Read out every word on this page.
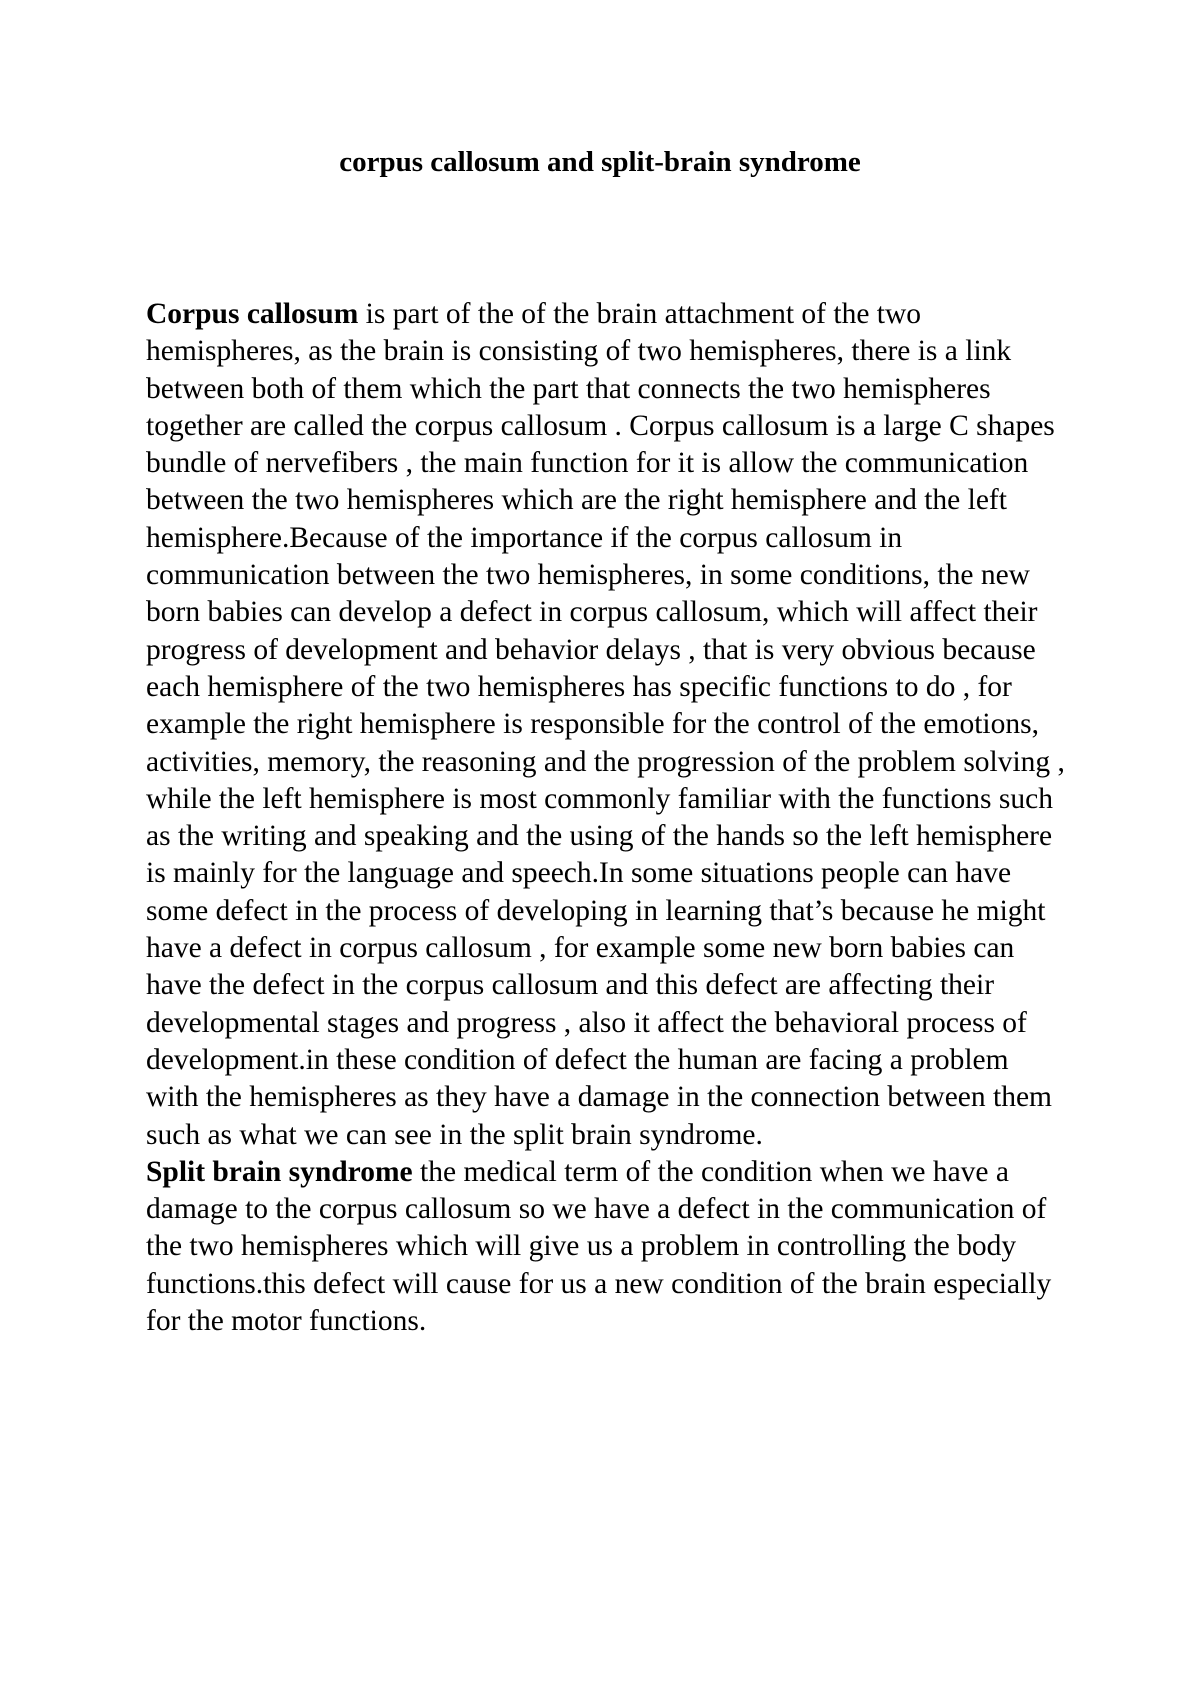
corpus callosum and split-brain syndrome

Corpus callosum is part of the of the brain attachment of the two hemispheres, as the brain is consisting of two hemispheres, there is a link between both of them which the part that connects the two hemispheres together are called the corpus callosum . Corpus callosum is a large C shapes bundle of nervefibers , the main function for it is allow the communication between the two hemispheres which are the right hemisphere and the left hemisphere.Because of the importance if the corpus callosum in communication between the two hemispheres, in some conditions, the new born babies can develop a defect in corpus callosum, which will affect their progress of development and behavior delays , that is very obvious because each hemisphere of the two hemispheres has specific functions to do , for example the right hemisphere is responsible for the control of the emotions, activities, memory, the reasoning and the progression of the problem solving , while the left hemisphere is most commonly familiar with the functions such as the writing and speaking and the using of the hands so the left hemisphere is mainly for the language and speech.In some situations people can have some defect in the process of developing in learning that’s because he might have a defect in corpus callosum , for example some new born babies can have the defect in the corpus callosum and this defect are affecting their developmental stages and progress , also it affect the behavioral process of development.in these condition of defect the human are facing a problem with the hemispheres as they have a damage in the connection between them such as what we can see in the split brain syndrome.

Split brain syndrome the medical term of the condition when we have a damage to the corpus callosum so we have a defect in the communication of the two hemispheres which will give us a problem in controlling the body functions.this defect will cause for us a new condition of the brain especially for the motor functions.
